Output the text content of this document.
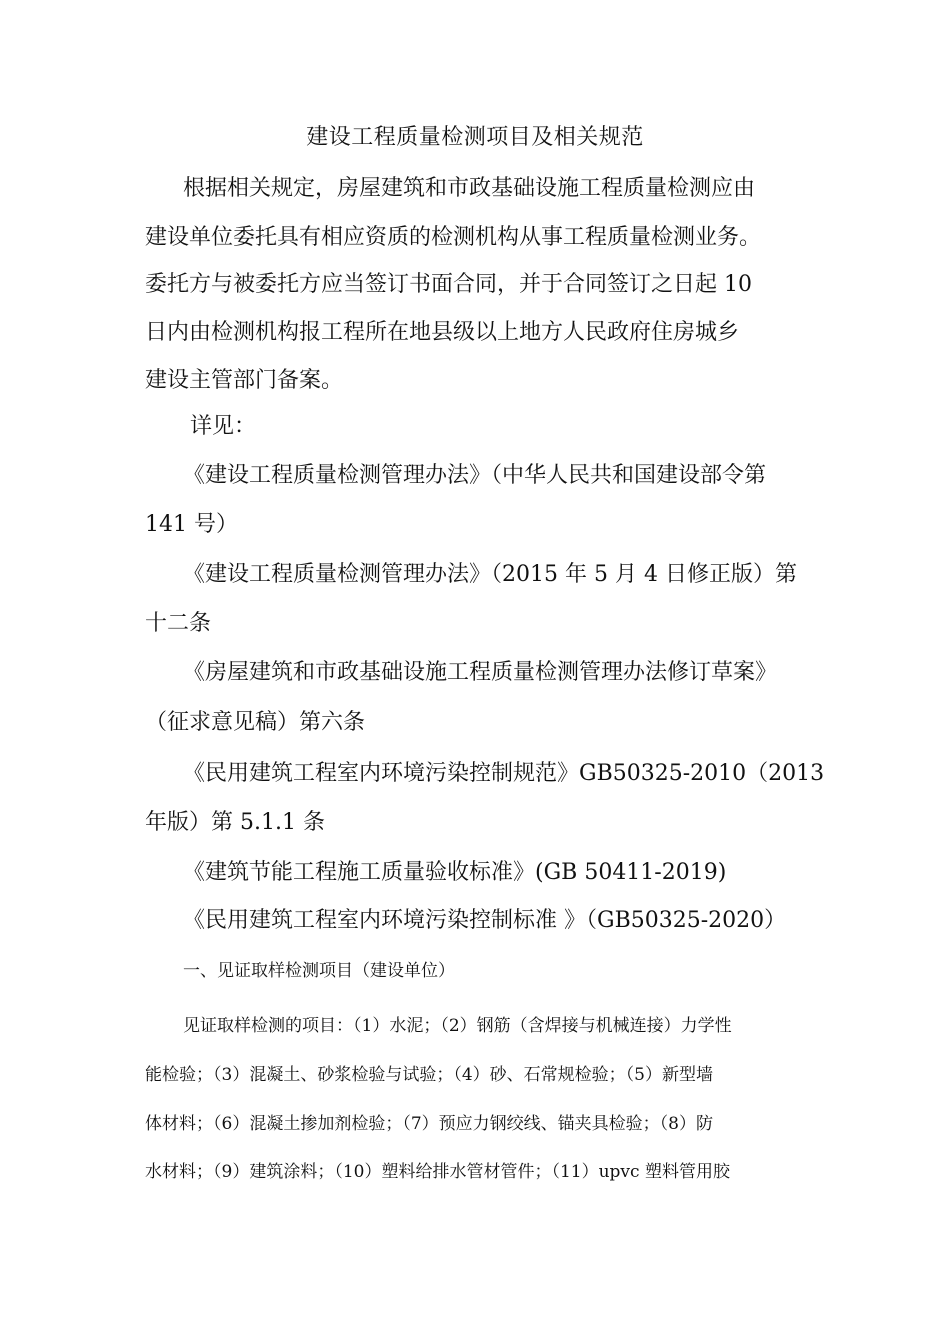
建设工程质量检测项目及相关规范
根据相关规定，房屋建筑和市政基础设施工程质量检测应由
建设单位委托具有相应资质的检测机构从事工程质量检测业务。
委托方与被委托方应当签订书面合同，并于合同签订之日起 10
日内由检测机构报工程所在地县级以上地方人民政府住房城乡
建设主管部门备案。
详见：
《建设工程质量检测管理办法》（中华人民共和国建设部令第
141 号）
《建设工程质量检测管理办法》（2015 年 5 月 4 日修正版）第
十二条
《房屋建筑和市政基础设施工程质量检测管理办法修订草案》
（征求意见稿）第六条
《民用建筑工程室内环境污染控制规范》GB50325-2010（2013
年版）第 5.1.1 条
《建筑节能工程施工质量验收标准》(GB 50411-2019)
《民用建筑工程室内环境污染控制标准 》（GB50325-2020）
一、见证取样检测项目（建设单位）
见证取样检测的项目：（1）水泥；（2）钢筋（含焊接与机械连接）力学性
能检验；（3）混凝土、砂浆检验与试验；（4）砂、石常规检验；（5）新型墙
体材料；（6）混凝土掺加剂检验；（7）预应力钢绞线、锚夹具检验；（8）防
水材料；（9）建筑涂料；（10）塑料给排水管材管件；（11）upvc 塑料管用胶
